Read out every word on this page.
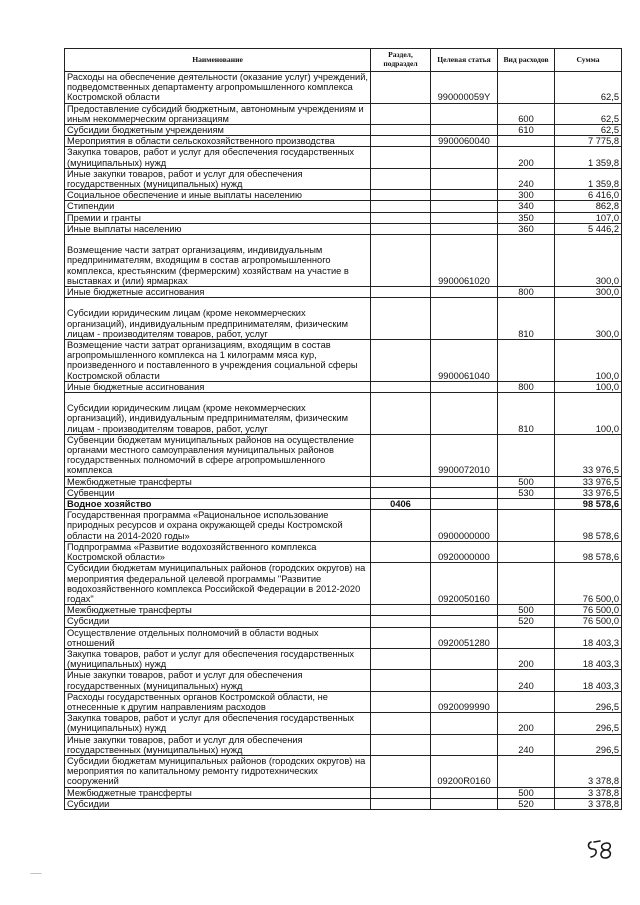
Наименование	Раздел, подраздел	Целевая статья	Вид расходов	Сумма
Расходы на обеспечение деятельности (оказание услуг) учреждений, подведомственных департаменту агропромышленного комплекса Костромской области		990000059Y		62,5
Предоставление субсидий бюджетным, автономным учреждениям и иным некоммерческим организациям			600	62,5
Субсидии бюджетным учреждениям			610	62,5
Мероприятия в области сельскохозяйственного производства		9900060040		7 775,8
Закупка товаров, работ и услуг для обеспечения государственных (муниципальных) нужд			200	1 359,8
Иные закупки товаров, работ и услуг для обеспечения государственных (муниципальных) нужд			240	1 359,8
Социальное обеспечение и иные выплаты населению			300	6 416,0
Стипендии			340	862,8
Премии и гранты			350	107,0
Иные выплаты населению			360	5 446,2
Возмещение части затрат организациям, индивидуальным предпринимателям, входящим в состав агропромышленного комплекса, крестьянским (фермерским) хозяйствам на участие в выставках и (или) ярмарках		9900061020		300,0
Иные бюджетные ассигнования			800	300,0
Субсидии юридическим лицам (кроме некоммерческих организаций), индивидуальным предпринимателям, физическим лицам - производителям товаров, работ, услуг			810	300,0
Возмещение части затрат организациям, входящим в состав агропромышленного комплекса на 1 килограмм мяса кур, произведенного и поставленного в учреждения социальной сферы Костромской области		9900061040		100,0
Иные бюджетные ассигнования			800	100,0
Субсидии юридическим лицам (кроме некоммерческих организаций), индивидуальным предпринимателям, физическим лицам - производителям товаров, работ, услуг			810	100,0
Субвенции бюджетам муниципальных районов на осуществление органами местного самоуправления муниципальных районов государственных полномочий в сфере агропромышленного комплекса		9900072010		33 976,5
Межбюджетные трансферты			500	33 976,5
Субвенции			530	33 976,5
Водное хозяйство	0406			98 578,6
Государственная программа «Рациональное использование природных ресурсов и охрана окружающей среды Костромской области на 2014-2020 годы»		0900000000		98 578,6
Подпрограмма «Развитие водохозяйственного комплекса Костромской области»		0920000000		98 578,6
Субсидии бюджетам муниципальных районов (городских округов) на мероприятия федеральной целевой программы "Развитие водохозяйственного комплекса Российской Федерации в 2012-2020 годах"		0920050160		76 500,0
Межбюджетные трансферты			500	76 500,0
Субсидии			520	76 500,0
Осуществление отдельных полномочий в области водных отношений		0920051280		18 403,3
Закупка товаров, работ и услуг для обеспечения государственных (муниципальных) нужд			200	18 403,3
Иные закупки товаров, работ и услуг для обеспечения государственных (муниципальных) нужд			240	18 403,3
Расходы государственных органов Костромской области, не отнесенные к другим направлениям расходов		0920099990		296,5
Закупка товаров, работ и услуг для обеспечения государственных (муниципальных) нужд			200	296,5
Иные закупки товаров, работ и услуг для обеспечения государственных (муниципальных) нужд			240	296,5
Субсидии бюджетам муниципальных районов (городских округов) на мероприятия по капитальному ремонту гидротехнических сооружений		09200R0160		3 378,8
Межбюджетные трансферты			500	3 378,8
Субсидии			520	3 378,8
⸺
